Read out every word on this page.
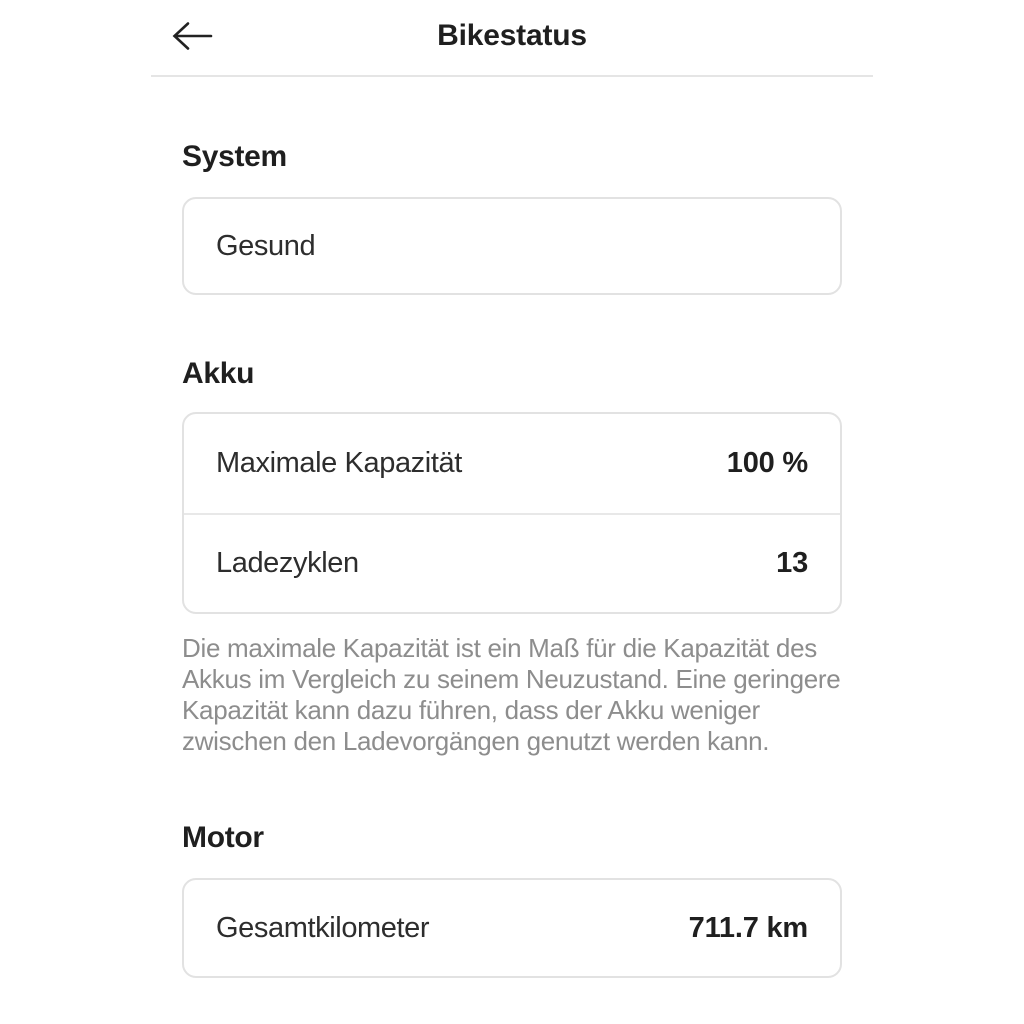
Bikestatus
System
Gesund
Akku
Maximale Kapazität	100 %
Ladezyklen	13

Die maximale Kapazität ist ein Maß für die Kapazität des Akkus im Vergleich zu seinem Neuzustand. Eine geringere Kapazität kann dazu führen, dass der Akku weniger zwischen den Ladevorgängen genutzt werden kann.

Motor
Gesamtkilometer	711.7 km
